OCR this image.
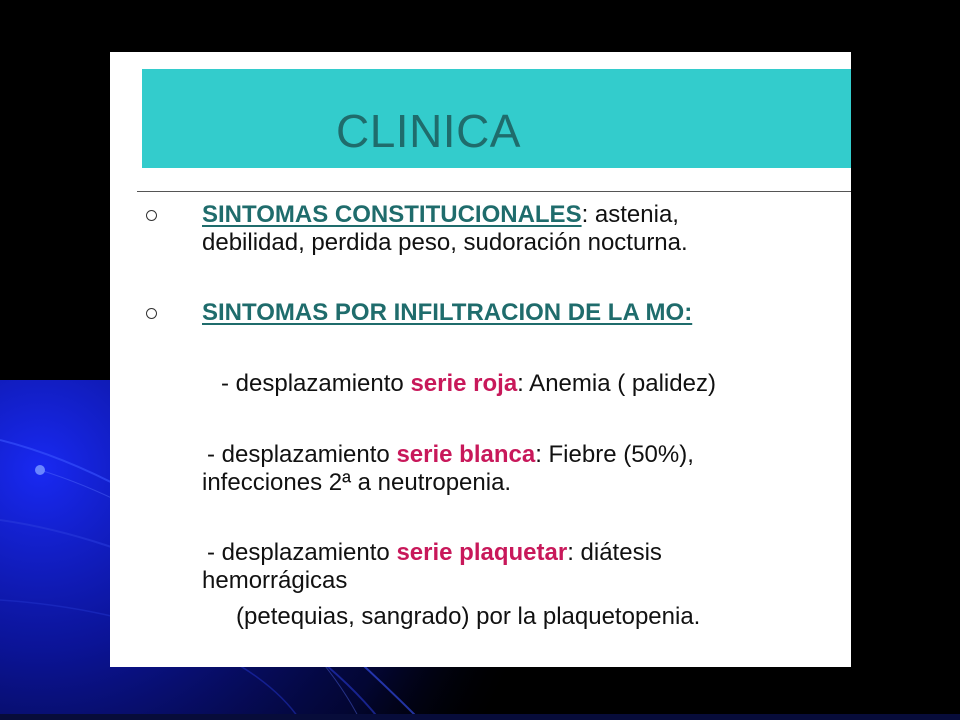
CLINICA
SINTOMAS CONSTITUCIONALES: astenia,
debilidad, perdida peso, sudoración nocturna.
SINTOMAS POR INFILTRACION DE LA MO:
- desplazamiento serie roja: Anemia ( palidez)
- desplazamiento serie blanca: Fiebre (50%),
infecciones 2ª a neutropenia.
- desplazamiento serie plaquetar: diátesis
hemorrágicas
(petequias, sangrado) por la plaquetopenia.
